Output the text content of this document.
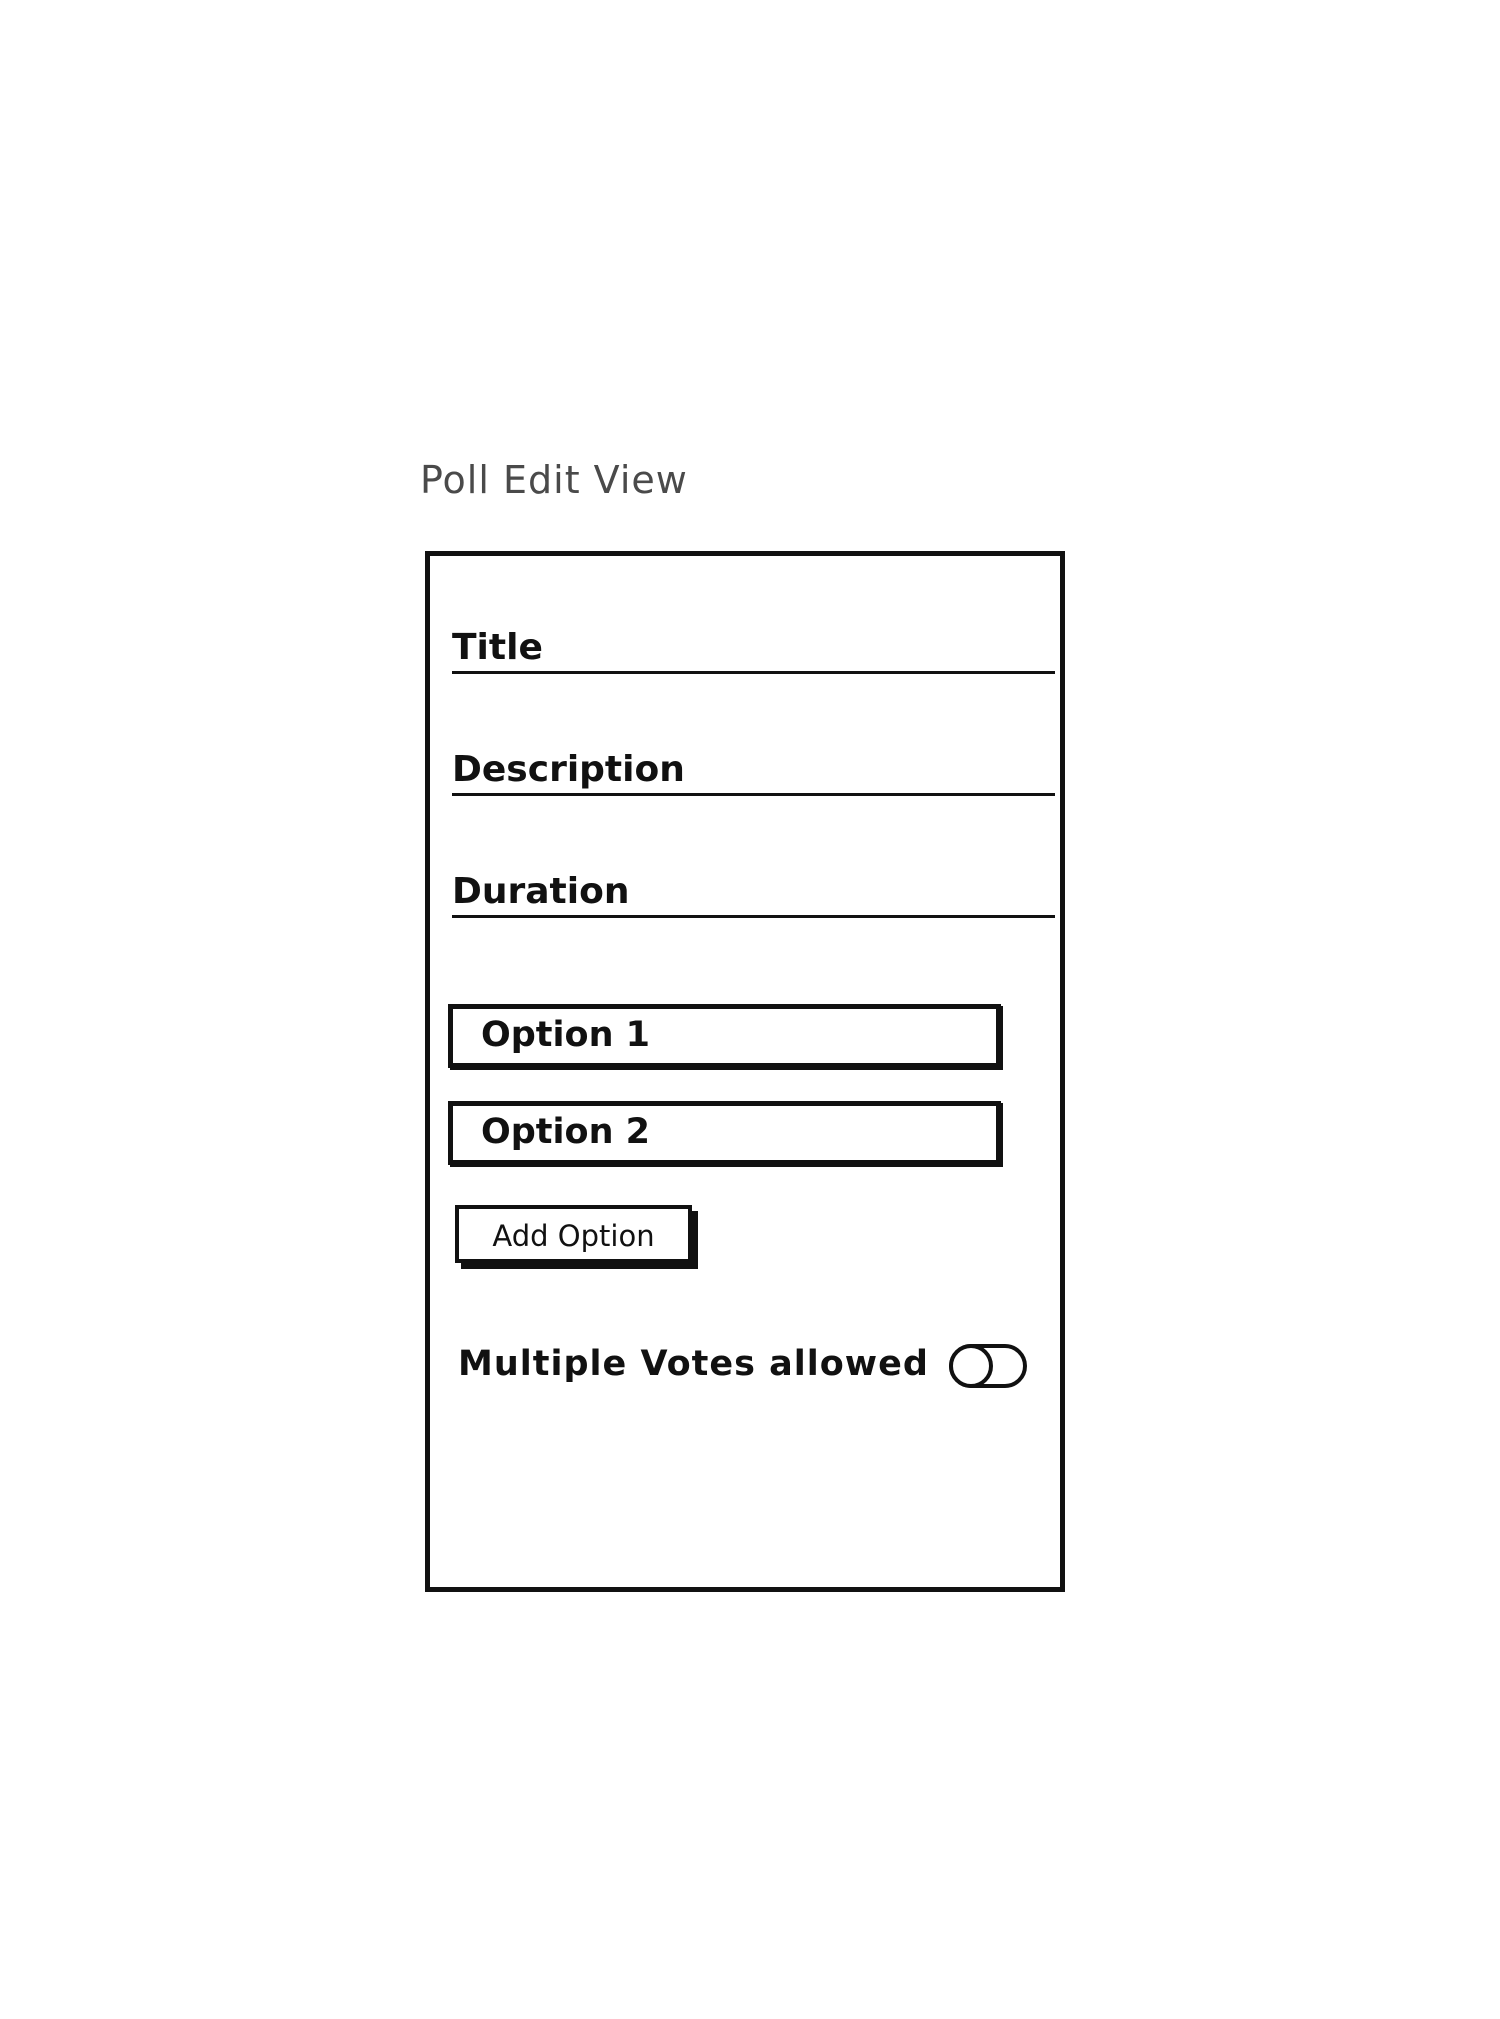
Poll Edit View
Title
Description
Duration
Option 1
Option 2
Add Option
Multiple Votes allowed
